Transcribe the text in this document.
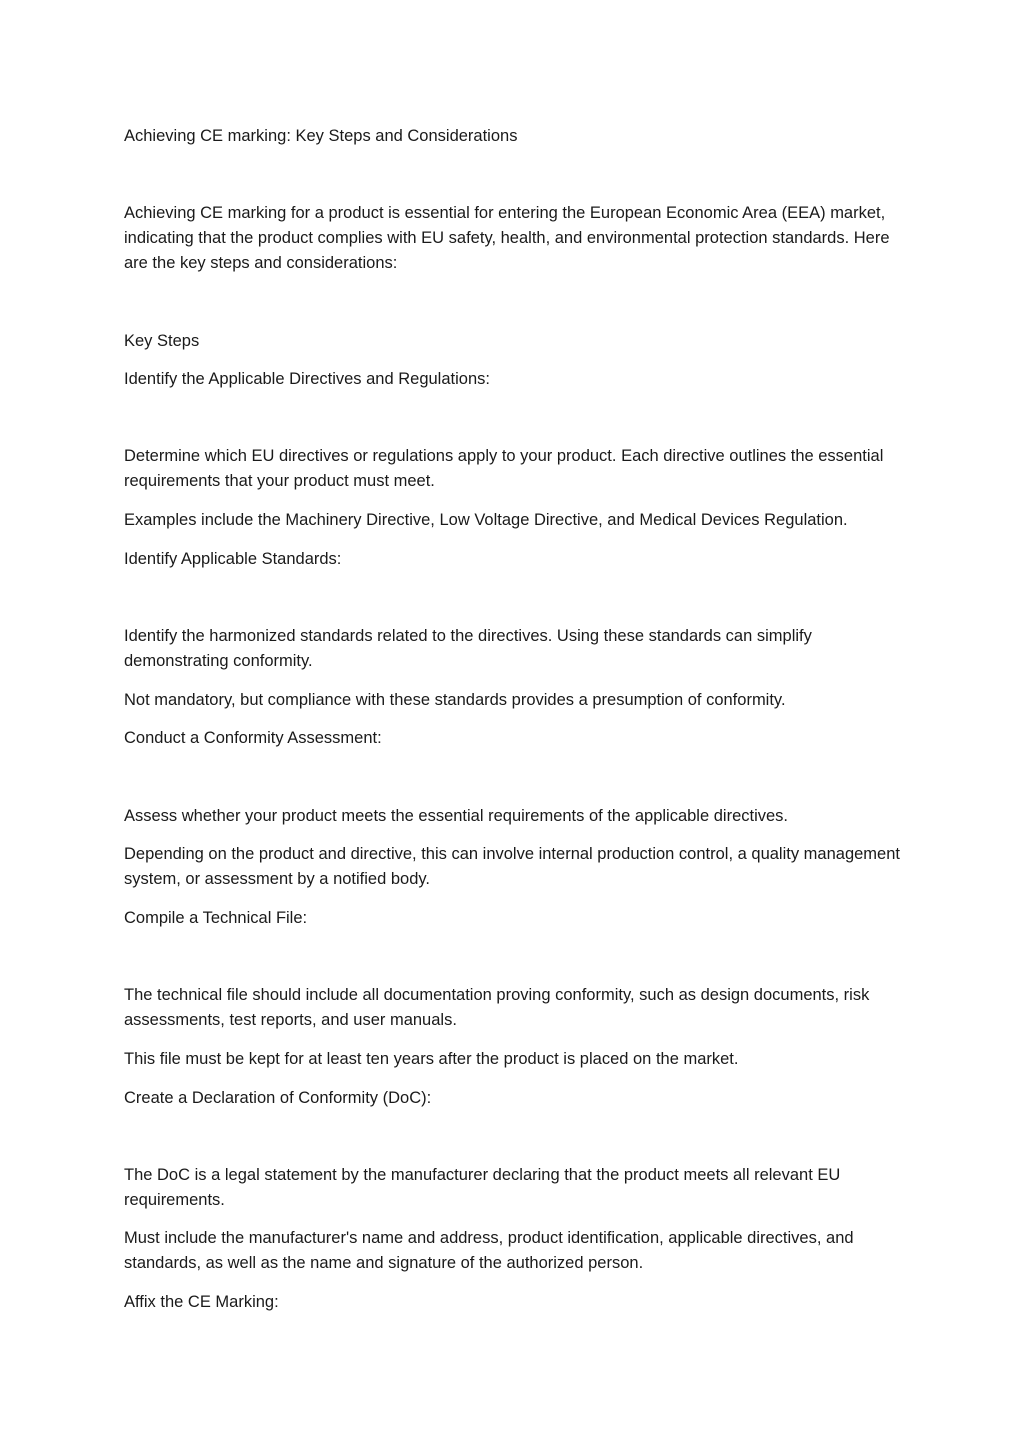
Achieving CE marking: Key Steps and Considerations

Achieving CE marking for a product is essential for entering the European Economic Area (EEA) market, indicating that the product complies with EU safety, health, and environmental protection standards. Here are the key steps and considerations:

Key Steps

Identify the Applicable Directives and Regulations:

Determine which EU directives or regulations apply to your product. Each directive outlines the essential requirements that your product must meet.

Examples include the Machinery Directive, Low Voltage Directive, and Medical Devices Regulation.

Identify Applicable Standards:

Identify the harmonized standards related to the directives. Using these standards can simplify demonstrating conformity.

Not mandatory, but compliance with these standards provides a presumption of conformity.

Conduct a Conformity Assessment:

Assess whether your product meets the essential requirements of the applicable directives.

Depending on the product and directive, this can involve internal production control, a quality management system, or assessment by a notified body.

Compile a Technical File:

The technical file should include all documentation proving conformity, such as design documents, risk assessments, test reports, and user manuals.

This file must be kept for at least ten years after the product is placed on the market.

Create a Declaration of Conformity (DoC):

The DoC is a legal statement by the manufacturer declaring that the product meets all relevant EU requirements.

Must include the manufacturer's name and address, product identification, applicable directives, and standards, as well as the name and signature of the authorized person.

Affix the CE Marking:
